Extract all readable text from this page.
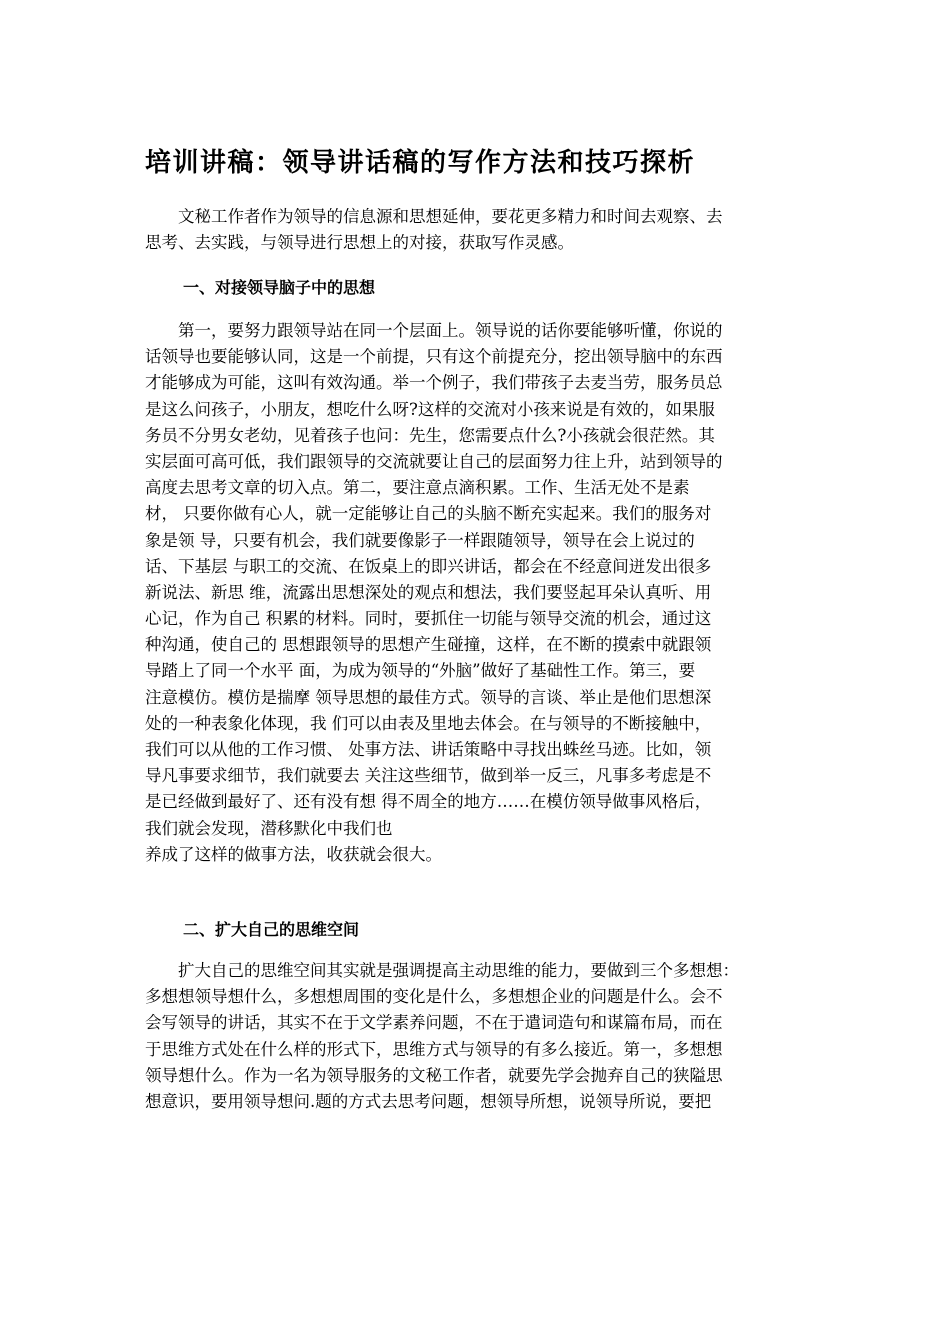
培训讲稿：领导讲话稿的写作方法和技巧探析
　　文秘工作者作为领导的信息源和思想延伸，要花更多精力和时间去观察、去
思考、去实践，与领导进行思想上的对接，获取写作灵感。
一、对接领导脑子中的思想
　　第一，要努力跟领导站在同一个层面上。领导说的话你要能够听懂，你说的
话领导也要能够认同，这是一个前提，只有这个前提充分，挖出领导脑中的东西
才能够成为可能，这叫有效沟通。举一个例子，我们带孩子去麦当劳，服务员总
是这么问孩子，小朋友，想吃什么呀?这样的交流对小孩来说是有效的，如果服
务员不分男女老幼，见着孩子也问：先生，您需要点什么?小孩就会很茫然。其
实层面可高可低，我们跟领导的交流就要让自己的层面努力往上升，站到领导的
高度去思考文章的切入点。第二，要注意点滴积累。工作、生活无处不是素
材， 只要你做有心人，就一定能够让自己的头脑不断充实起来。我们的服务对
象是领 导，只要有机会，我们就要像影子一样跟随领导，领导在会上说过的
话、下基层 与职工的交流、在饭桌上的即兴讲话，都会在不经意间迸发出很多
新说法、新思 维，流露出思想深处的观点和想法，我们要竖起耳朵认真听、用
心记，作为自己 积累的材料。同时，要抓住一切能与领导交流的机会，通过这
种沟通，使自己的 思想跟领导的思想产生碰撞，这样，在不断的摸索中就跟领
导踏上了同一个水平 面，为成为领导的“外脑”做好了基础性工作。第三，要
注意模仿。模仿是揣摩 领导思想的最佳方式。领导的言谈、举止是他们思想深
处的一种表象化体现，我 们可以由表及里地去体会。在与领导的不断接触中，
我们可以从他的工作习惯、 处事方法、讲话策略中寻找出蛛丝马迹。比如，领
导凡事要求细节，我们就要去 关注这些细节，做到举一反三，凡事多考虑是不
是已经做到最好了、还有没有想 得不周全的地方……在模仿领导做事风格后，
我们就会发现，潜移默化中我们也
养成了这样的做事方法，收获就会很大。
二、扩大自己的思维空间
　　扩大自己的思维空间其实就是强调提高主动思维的能力，要做到三个多想想：
多想想领导想什么，多想想周围的变化是什么，多想想企业的问题是什么。会不
会写领导的讲话，其实不在于文学素养问题，不在于遣词造句和谋篇布局，而在
于思维方式处在什么样的形式下，思维方式与领导的有多么接近。第一，多想想
领导想什么。作为一名为领导服务的文秘工作者，就要先学会抛弃自己的狭隘思
想意识，要用领导想问.题的方式去思考问题，想领导所想，说领导所说，要把
